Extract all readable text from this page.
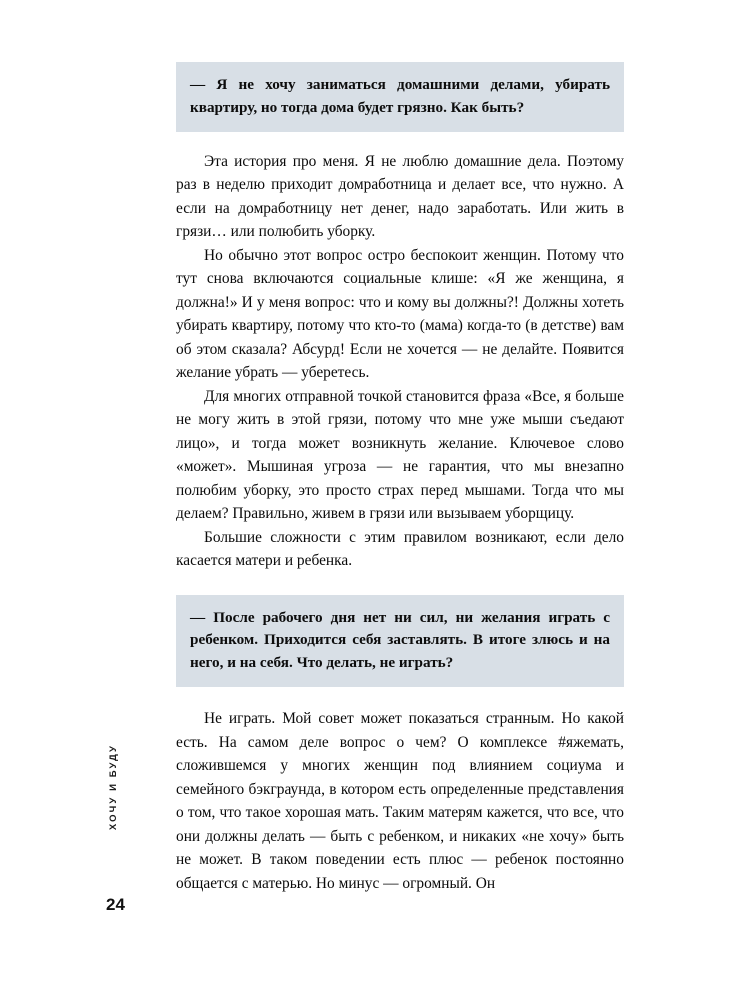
ХОЧУ И БУДУ
24

— Я не хочу заниматься домашними делами, убирать квартиру, но тогда дома будет грязно. Как быть?

Эта история про меня. Я не люблю домашние дела. Поэтому раз в неделю приходит домработница и делает все, что нужно. А если на домработницу нет денег, надо заработать. Или жить в грязи… или полюбить уборку.

Но обычно этот вопрос остро беспокоит женщин. Потому что тут снова включаются социальные клише: «Я же женщина, я должна!» И у меня вопрос: что и кому вы должны?! Должны хотеть убирать квартиру, потому что кто-то (мама) когда-то (в детстве) вам об этом сказала? Абсурд! Если не хочется — не делайте. Появится желание убрать — уберетесь.

Для многих отправной точкой становится фраза «Все, я больше не могу жить в этой грязи, потому что мне уже мыши съедают лицо», и тогда может возникнуть желание. Ключевое слово «может». Мышиная угроза — не гарантия, что мы внезапно полюбим уборку, это просто страх перед мышами. Тогда что мы делаем? Правильно, живем в грязи или вызываем уборщицу.

Большие сложности с этим правилом возникают, если дело касается матери и ребенка.

— После рабочего дня нет ни сил, ни желания играть с ребенком. Приходится себя заставлять. В итоге злюсь и на него, и на себя. Что делать, не играть?

Не играть. Мой совет может показаться странным. Но какой есть. На самом деле вопрос о чем? О комплексе #яжемать, сложившемся у многих женщин под влиянием социума и семейного бэкграунда, в котором есть определенные представления о том, что такое хорошая мать. Таким матерям кажется, что все, что они должны делать — быть с ребенком, и никаких «не хочу» быть не может. В таком поведении есть плюс — ребенок постоянно общается с матерью. Но минус — огромный. Он
